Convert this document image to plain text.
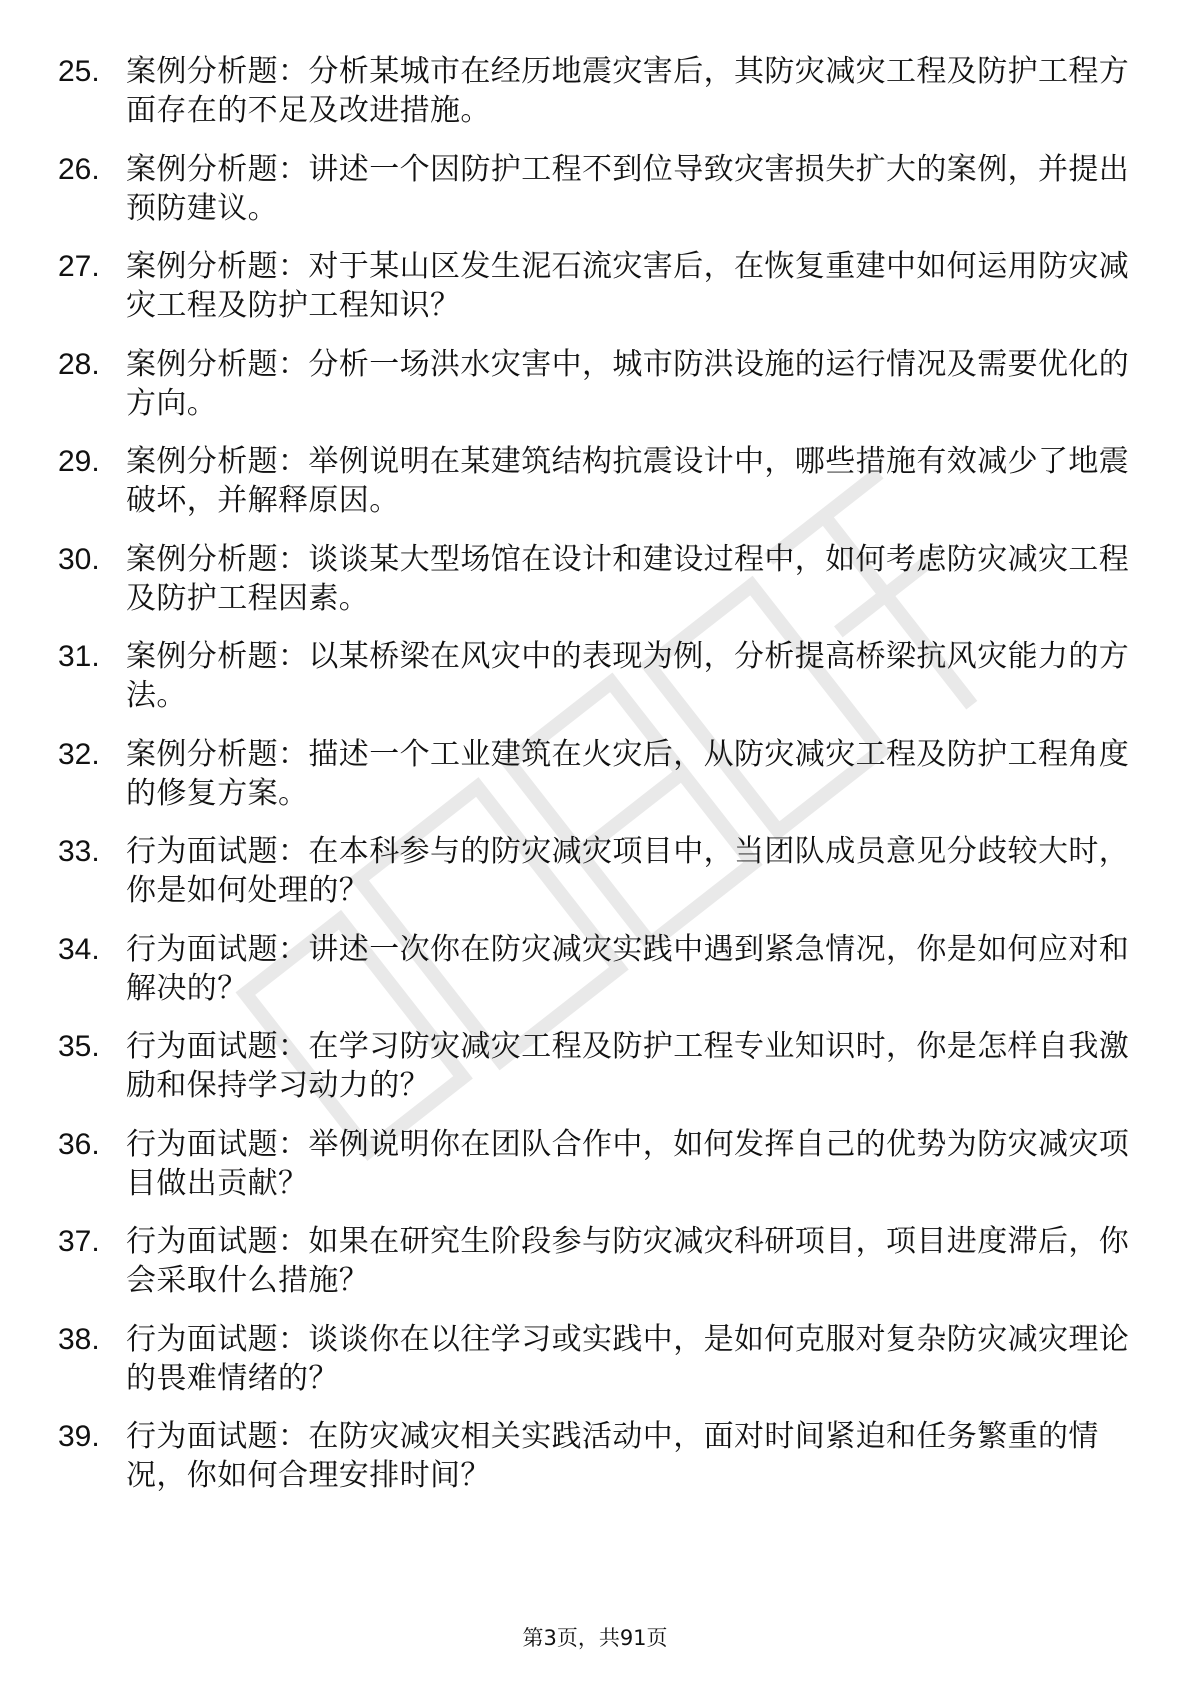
25. 案例分析题：分析某城市在经历地震灾害后，其防灾减灾工程及防护工程方面存在的不足及改进措施。
26. 案例分析题：讲述一个因防护工程不到位导致灾害损失扩大的案例，并提出预防建议。
27. 案例分析题：对于某山区发生泥石流灾害后，在恢复重建中如何运用防灾减灾工程及防护工程知识？
28. 案例分析题：分析一场洪水灾害中，城市防洪设施的运行情况及需要优化的方向。
29. 案例分析题：举例说明在某建筑结构抗震设计中，哪些措施有效减少了地震破坏，并解释原因。
30. 案例分析题：谈谈某大型场馆在设计和建设过程中，如何考虑防灾减灾工程及防护工程因素。
31. 案例分析题：以某桥梁在风灾中的表现为例，分析提高桥梁抗风灾能力的方法。
32. 案例分析题：描述一个工业建筑在火灾后，从防灾减灾工程及防护工程角度的修复方案。
33. 行为面试题：在本科参与的防灾减灾项目中，当团队成员意见分歧较大时，你是如何处理的？
34. 行为面试题：讲述一次你在防灾减灾实践中遇到紧急情况，你是如何应对和解决的？
35. 行为面试题：在学习防灾减灾工程及防护工程专业知识时，你是怎样自我激励和保持学习动力的？
36. 行为面试题：举例说明你在团队合作中，如何发挥自己的优势为防灾减灾项目做出贡献？
37. 行为面试题：如果在研究生阶段参与防灾减灾科研项目，项目进度滞后，你会采取什么措施？
38. 行为面试题：谈谈你在以往学习或实践中，是如何克服对复杂防灾减灾理论的畏难情绪的？
39. 行为面试题：在防灾减灾相关实践活动中，面对时间紧迫和任务繁重的情况，你如何合理安排时间？
第3页，共91页
